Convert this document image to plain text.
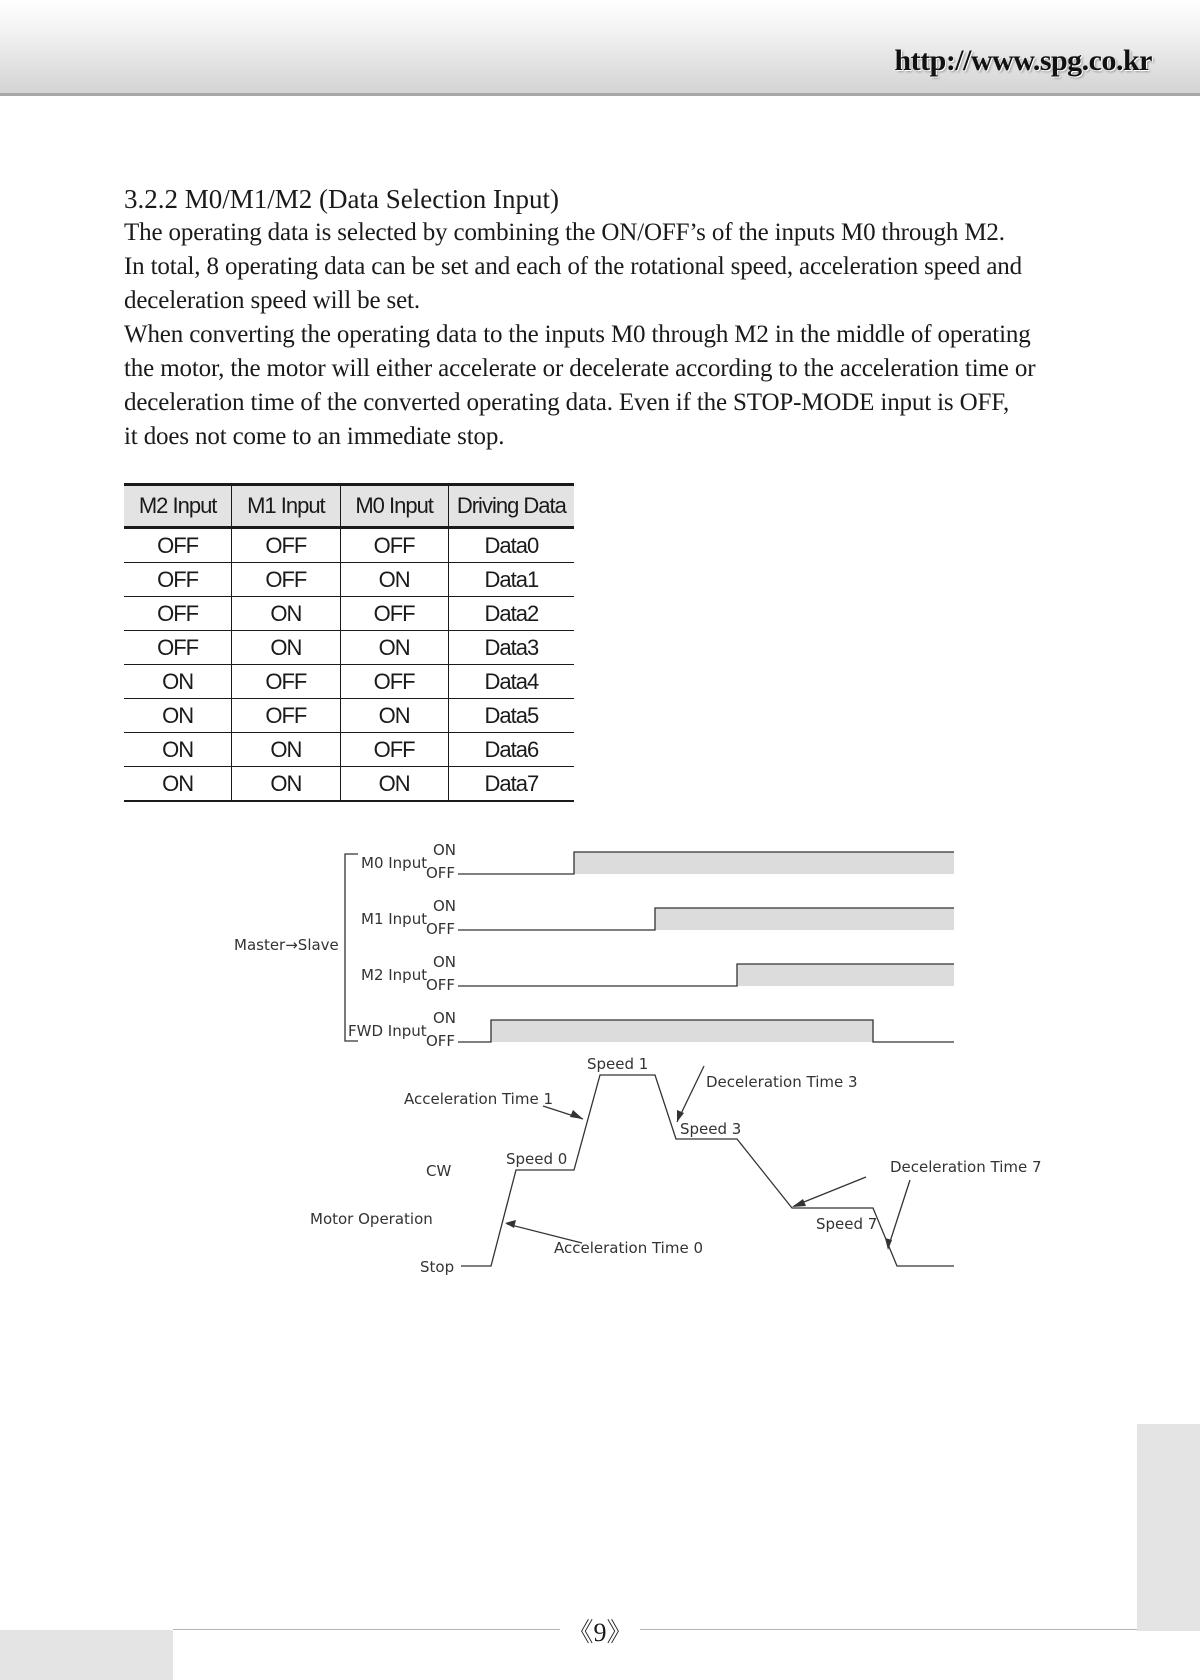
http://www.spg.co.kr
3.2.2 M0/M1/M2 (Data Selection Input)

The operating data is selected by combining the ON/OFF’s of the inputs M0 through M2.

In total, 8 operating data can be set and each of the rotational speed, acceleration speed and

deceleration speed will be set.

When converting the operating data to the inputs M0 through M2 in the middle of operating

the motor, the motor will either accelerate or decelerate according to the acceleration time or

deceleration time of the converted operating data. Even if the STOP-MODE input is OFF,

it does not come to an immediate stop.

M2 Input	M1 Input	M0 Input	Driving Data
OFF	OFF	OFF	Data0
OFF	OFF	ON	Data1
OFF	ON	OFF	Data2
OFF	ON	ON	Data3
ON	OFF	OFF	Data4
ON	OFF	ON	Data5
ON	ON	OFF	Data6
ON	ON	ON	Data7
Master→Slave
M0 Input
ON
OFF
M1 Input
ON
OFF
M2 Input
ON
OFF
FWD Input
ON
OFF
Speed 1
Deceleration Time 3
Acceleration Time 1
Speed 3
Speed 0
CW	Deceleration Time 7
Motor Operation	Speed 7
Acceleration Time 0
Stop
《9》
